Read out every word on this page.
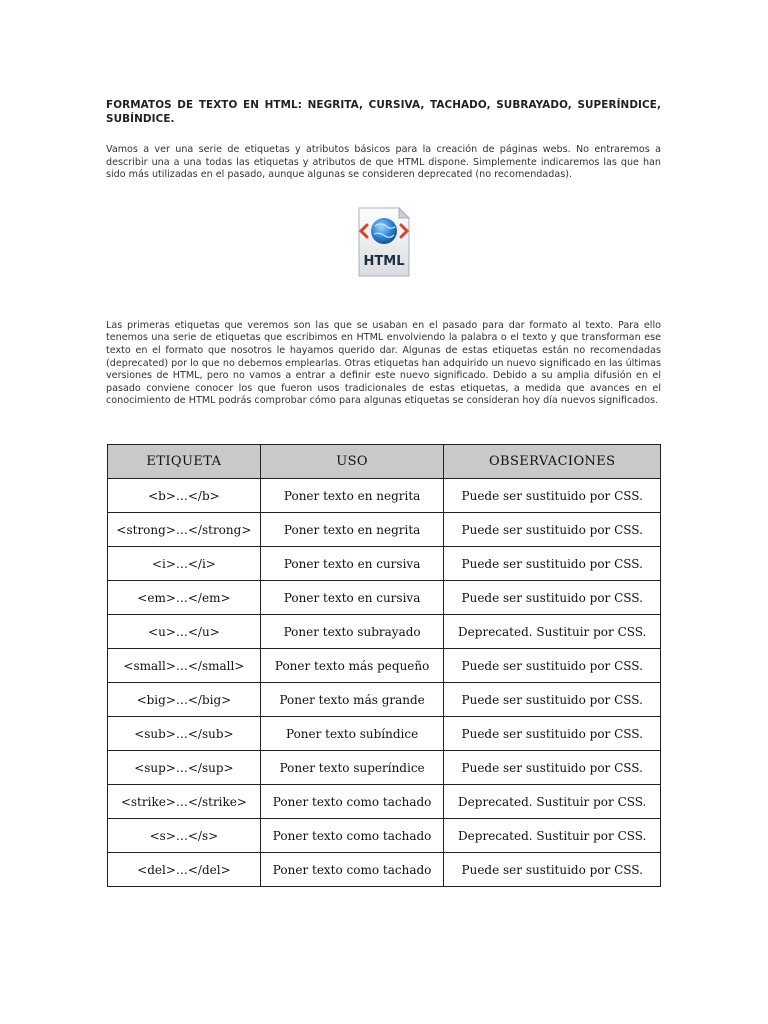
FORMATOS DE TEXTO EN HTML: NEGRITA, CURSIVA, TACHADO, SUBRAYADO, SUPERÍNDICE, SUBÍNDICE.

Vamos a ver una serie de etiquetas y atributos básicos para la creación de páginas webs. No entraremos a describir una a una todas las etiquetas y atributos de que HTML dispone. Simplemente indicaremos las que han sido más utilizadas en el pasado, aunque algunas se consideren deprecated (no recomendadas).

HTML

Las primeras etiquetas que veremos son las que se usaban en el pasado para dar formato al texto. Para ello tenemos una serie de etiquetas que escribimos en HTML envolviendo la palabra o el texto y que transforman ese texto en el formato que nosotros le hayamos querido dar. Algunas de estas etiquetas están no recomendadas (deprecated) por lo que no debemos emplearlas. Otras etiquetas han adquirido un nuevo significado en las últimas versiones de HTML, pero no vamos a entrar a definir este nuevo significado. Debido a su amplia difusión en el pasado conviene conocer los que fueron usos tradicionales de estas etiquetas, a medida que avances en el conocimiento de HTML podrás comprobar cómo para algunas etiquetas se consideran hoy día nuevos significados.

ETIQUETA	USO	OBSERVACIONES
<b>…</b>	Poner texto en negrita	Puede ser sustituido por CSS.
<strong>…</strong>	Poner texto en negrita	Puede ser sustituido por CSS.
<i>…</i>	Poner texto en cursiva	Puede ser sustituido por CSS.
<em>…</em>	Poner texto en cursiva	Puede ser sustituido por CSS.
<u>…</u>	Poner texto subrayado	Deprecated. Sustituir por CSS.
<small>…</small>	Poner texto más pequeño	Puede ser sustituido por CSS.
<big>…</big>	Poner texto más grande	Puede ser sustituido por CSS.
<sub>…</sub>	Poner texto subíndice	Puede ser sustituido por CSS.
<sup>…</sup>	Poner texto superíndice	Puede ser sustituido por CSS.
<strike>…</strike>	Poner texto como tachado	Deprecated. Sustituir por CSS.
<s>…</s>	Poner texto como tachado	Deprecated. Sustituir por CSS.
<del>…</del>	Poner texto como tachado	Puede ser sustituido por CSS.
